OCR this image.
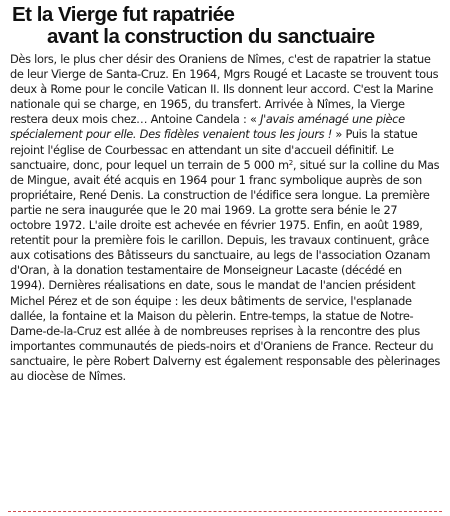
Et la Vierge fut rapatriée
avant la construction du sanctuaire

Dès lors, le plus cher désir des Oraniens de Nîmes, c'est de rapatrier la statue de leur Vierge de Santa-Cruz. En 1964, Mgrs Rougé et Lacaste se trouvent tous deux à Rome pour le concile Vatican II. Ils donnent leur accord. C'est la Marine nationale qui se charge, en 1965, du transfert. Arrivée à Nîmes, la Vierge restera deux mois chez… Antoine Candela : « J'avais aménagé une pièce spécialement pour elle. Des fidèles venaient tous les jours ! » Puis la statue rejoint l'église de Courbessac en attendant un site d'accueil définitif. Le sanctuaire, donc, pour lequel un terrain de 5 000 $m^2$, situé sur la colline du Mas de Mingue, avait été acquis en 1964 pour 1 franc symbolique auprès de son propriétaire, René Denis. La construction de l'édifice sera longue. La première partie ne sera inaugurée que le 20 mai 1969. La grotte sera bénie le 27 octobre 1972. L'aile droite est achevée en février 1975. Enfin, en août 1989, retentit pour la première fois le carillon. Depuis, les travaux continuent, grâce aux cotisations des Bâtisseurs du sanctuaire, au legs de l'association Ozanam d'Oran, à la donation testamentaire de Monseigneur Lacaste (décédé en 1994). Dernières réalisations en date, sous le mandat de l'ancien président Michel Pérez et de son équipe : les deux bâtiments de service, l'esplanade dallée, la fontaine et la Maison du pèlerin. Entre-temps, la statue de Notre-Dame-de-la-Cruz est allée à de nombreuses reprises à la rencontre des plus importantes communautés de pieds-noirs et d'Oraniens de France. Recteur du sanctuaire, le père Robert Dalverny est également responsable des pèlerinages au diocèse de Nîmes.
